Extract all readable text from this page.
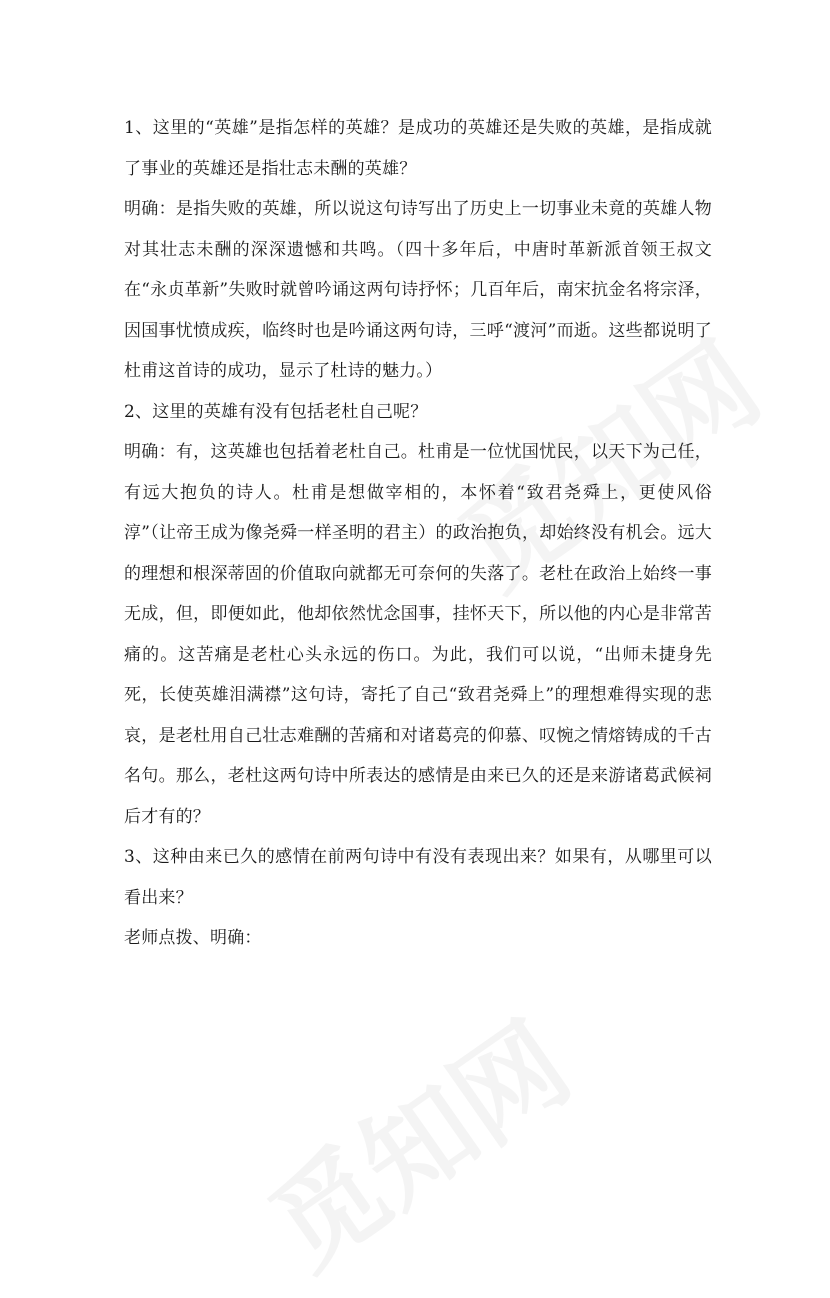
1、这里的“英雄”是指怎样的英雄？是成功的英雄还是失败的英雄，是指成就了事业的英雄还是指壮志未酬的英雄？

明确：是指失败的英雄，所以说这句诗写出了历史上一切事业未竟的英雄人物对其壮志未酬的深深遗憾和共鸣。（四十多年后，中唐时革新派首领王叔文在“永贞革新”失败时就曾吟诵这两句诗抒怀；几百年后，南宋抗金名将宗泽，因国事忧愤成疾，临终时也是吟诵这两句诗，三呼“渡河”而逝。这些都说明了杜甫这首诗的成功，显示了杜诗的魅力。）

2、这里的英雄有没有包括老杜自己呢？

明确：有，这英雄也包括着老杜自己。杜甫是一位忧国忧民，以天下为己任，有远大抱负的诗人。杜甫是想做宰相的，本怀着“致君尧舜上，更使风俗淳”（让帝王成为像尧舜一样圣明的君主）的政治抱负，却始终没有机会。远大的理想和根深蒂固的价值取向就都无可奈何的失落了。老杜在政治上始终一事无成，但，即便如此，他却依然忧念国事，挂怀天下，所以他的内心是非常苦痛的。这苦痛是老杜心头永远的伤口。为此，我们可以说，“出师未捷身先死，长使英雄泪满襟”这句诗，寄托了自己“致君尧舜上”的理想难得实现的悲哀，是老杜用自己壮志难酬的苦痛和对诸葛亮的仰慕、叹惋之情熔铸成的千古名句。那么，老杜这两句诗中所表达的感情是由来已久的还是来游诸葛武候祠后才有的？

3、这种由来已久的感情在前两句诗中有没有表现出来？如果有，从哪里可以看出来？

老师点拨、明确：
